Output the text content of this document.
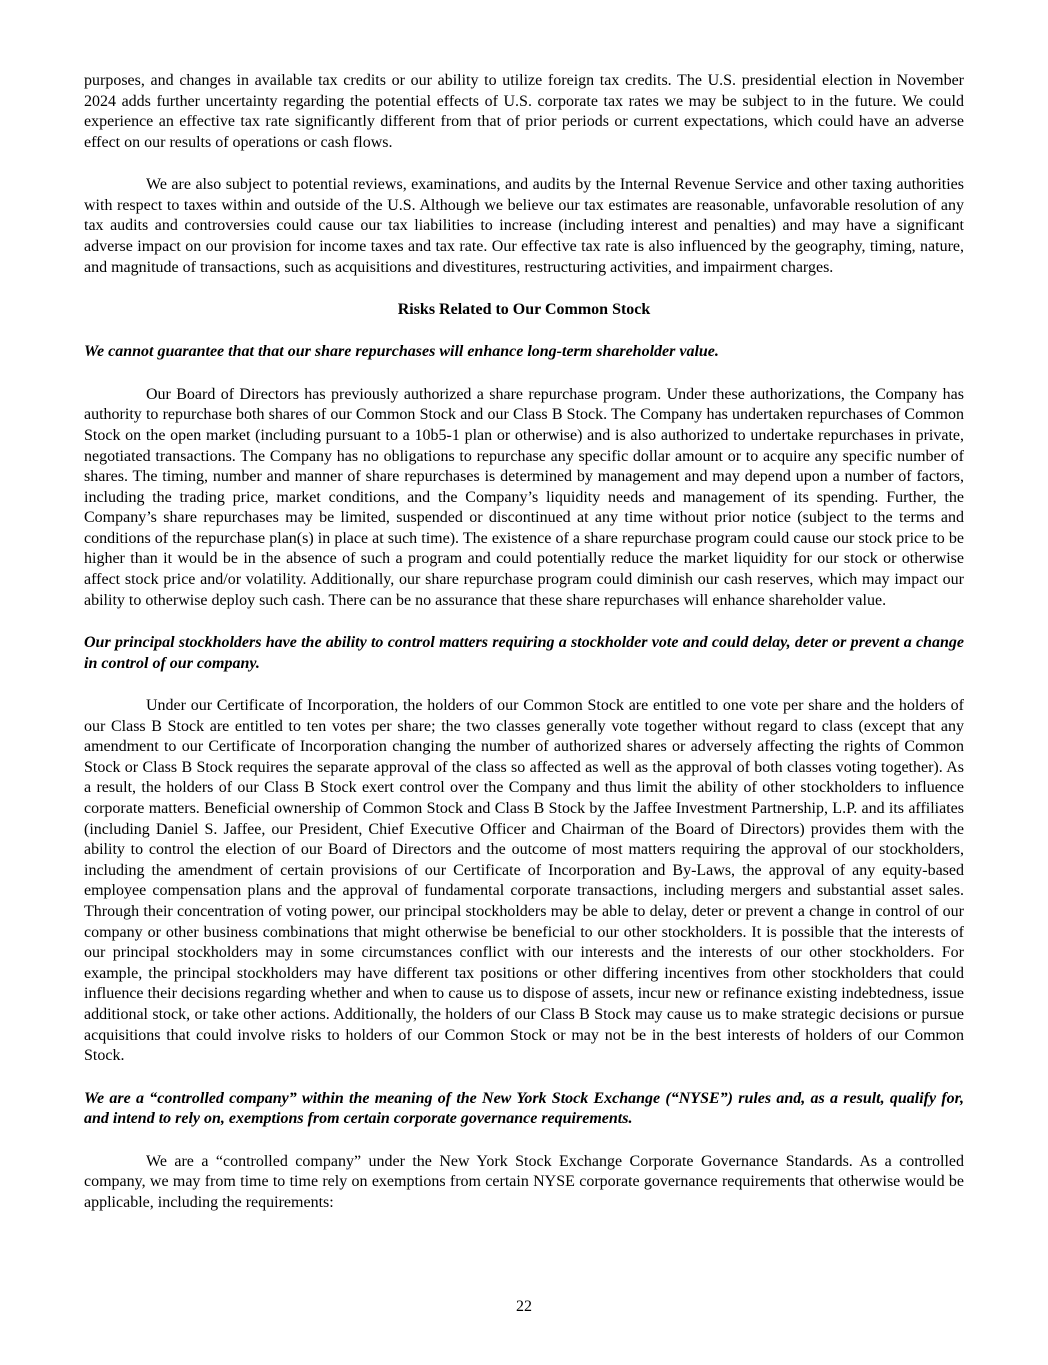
purposes, and changes in available tax credits or our ability to utilize foreign tax credits. The U.S. presidential election in November 2024 adds further uncertainty regarding the potential effects of U.S. corporate tax rates we may be subject to in the future. We could experience an effective tax rate significantly different from that of prior periods or current expectations, which could have an adverse effect on our results of operations or cash flows.

We are also subject to potential reviews, examinations, and audits by the Internal Revenue Service and other taxing authorities with respect to taxes within and outside of the U.S. Although we believe our tax estimates are reasonable, unfavorable resolution of any tax audits and controversies could cause our tax liabilities to increase (including interest and penalties) and may have a significant adverse impact on our provision for income taxes and tax rate. Our effective tax rate is also influenced by the geography, timing, nature, and magnitude of transactions, such as acquisitions and divestitures, restructuring activities, and impairment charges.

Risks Related to Our Common Stock

We cannot guarantee that that our share repurchases will enhance long-term shareholder value.

Our Board of Directors has previously authorized a share repurchase program. Under these authorizations, the Company has authority to repurchase both shares of our Common Stock and our Class B Stock. The Company has undertaken repurchases of Common Stock on the open market (including pursuant to a 10b5-1 plan or otherwise) and is also authorized to undertake repurchases in private, negotiated transactions. The Company has no obligations to repurchase any specific dollar amount or to acquire any specific number of shares. The timing, number and manner of share repurchases is determined by management and may depend upon a number of factors, including the trading price, market conditions, and the Company’s liquidity needs and management of its spending. Further, the Company’s share repurchases may be limited, suspended or discontinued at any time without prior notice (subject to the terms and conditions of the repurchase plan(s) in place at such time). The existence of a share repurchase program could cause our stock price to be higher than it would be in the absence of such a program and could potentially reduce the market liquidity for our stock or otherwise affect stock price and/or volatility. Additionally, our share repurchase program could diminish our cash reserves, which may impact our ability to otherwise deploy such cash. There can be no assurance that these share repurchases will enhance shareholder value.

Our principal stockholders have the ability to control matters requiring a stockholder vote and could delay, deter or prevent a change in control of our company.

Under our Certificate of Incorporation, the holders of our Common Stock are entitled to one vote per share and the holders of our Class B Stock are entitled to ten votes per share; the two classes generally vote together without regard to class (except that any amendment to our Certificate of Incorporation changing the number of authorized shares or adversely affecting the rights of Common Stock or Class B Stock requires the separate approval of the class so affected as well as the approval of both classes voting together). As a result, the holders of our Class B Stock exert control over the Company and thus limit the ability of other stockholders to influence corporate matters. Beneficial ownership of Common Stock and Class B Stock by the Jaffee Investment Partnership, L.P. and its affiliates (including Daniel S. Jaffee, our President, Chief Executive Officer and Chairman of the Board of Directors) provides them with the ability to control the election of our Board of Directors and the outcome of most matters requiring the approval of our stockholders, including the amendment of certain provisions of our Certificate of Incorporation and By-Laws, the approval of any equity-based employee compensation plans and the approval of fundamental corporate transactions, including mergers and substantial asset sales. Through their concentration of voting power, our principal stockholders may be able to delay, deter or prevent a change in control of our company or other business combinations that might otherwise be beneficial to our other stockholders. It is possible that the interests of our principal stockholders may in some circumstances conflict with our interests and the interests of our other stockholders. For example, the principal stockholders may have different tax positions or other differing incentives from other stockholders that could influence their decisions regarding whether and when to cause us to dispose of assets, incur new or refinance existing indebtedness, issue additional stock, or take other actions. Additionally, the holders of our Class B Stock may cause us to make strategic decisions or pursue acquisitions that could involve risks to holders of our Common Stock or may not be in the best interests of holders of our Common Stock.

We are a “controlled company” within the meaning of the New York Stock Exchange (“NYSE”) rules and, as a result, qualify for, and intend to rely on, exemptions from certain corporate governance requirements.

We are a “controlled company” under the New York Stock Exchange Corporate Governance Standards. As a controlled company, we may from time to time rely on exemptions from certain NYSE corporate governance requirements that otherwise would be applicable, including the requirements:

22
